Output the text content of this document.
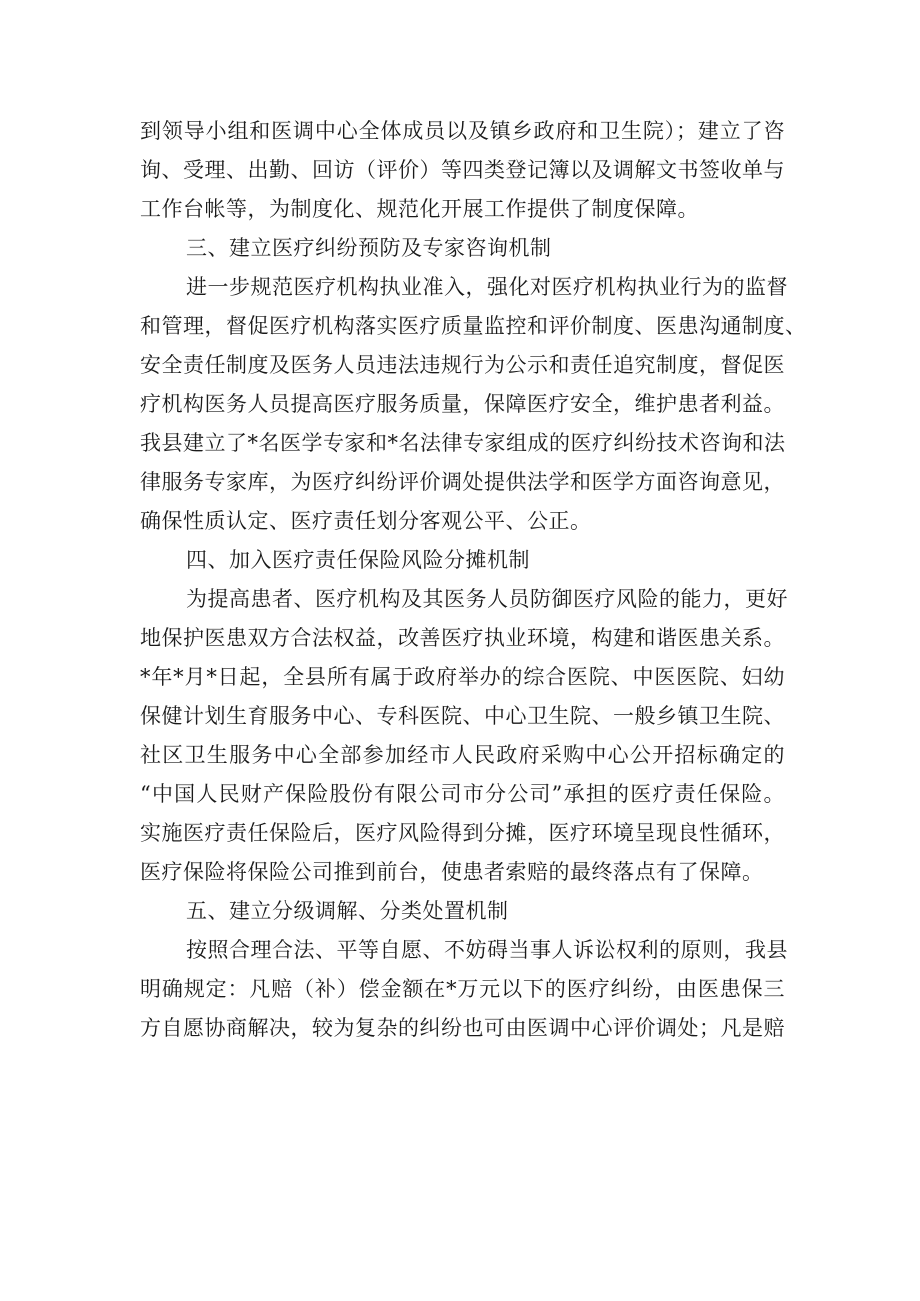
到领导小组和医调中心全体成员以及镇乡政府和卫生院）；建立了咨
询、受理、出勤、回访（评价）等四类登记簿以及调解文书签收单与
工作台帐等，为制度化、规范化开展工作提供了制度保障。
三、建立医疗纠纷预防及专家咨询机制
进一步规范医疗机构执业准入，强化对医疗机构执业行为的监督
和管理，督促医疗机构落实医疗质量监控和评价制度、医患沟通制度、
安全责任制度及医务人员违法违规行为公示和责任追究制度，督促医
疗机构医务人员提高医疗服务质量，保障医疗安全，维护患者利益。
我县建立了*名医学专家和*名法律专家组成的医疗纠纷技术咨询和法
律服务专家库，为医疗纠纷评价调处提供法学和医学方面咨询意见，
确保性质认定、医疗责任划分客观公平、公正。
四、加入医疗责任保险风险分摊机制
为提高患者、医疗机构及其医务人员防御医疗风险的能力，更好
地保护医患双方合法权益，改善医疗执业环境，构建和谐医患关系。
*年*月*日起，全县所有属于政府举办的综合医院、中医医院、妇幼
保健计划生育服务中心、专科医院、中心卫生院、一般乡镇卫生院、
社区卫生服务中心全部参加经市人民政府采购中心公开招标确定的
“中国人民财产保险股份有限公司市分公司”承担的医疗责任保险。
实施医疗责任保险后，医疗风险得到分摊，医疗环境呈现良性循环，
医疗保险将保险公司推到前台，使患者索赔的最终落点有了保障。
五、建立分级调解、分类处置机制
按照合理合法、平等自愿、不妨碍当事人诉讼权利的原则，我县
明确规定：凡赔（补）偿金额在*万元以下的医疗纠纷，由医患保三
方自愿协商解决，较为复杂的纠纷也可由医调中心评价调处；凡是赔
